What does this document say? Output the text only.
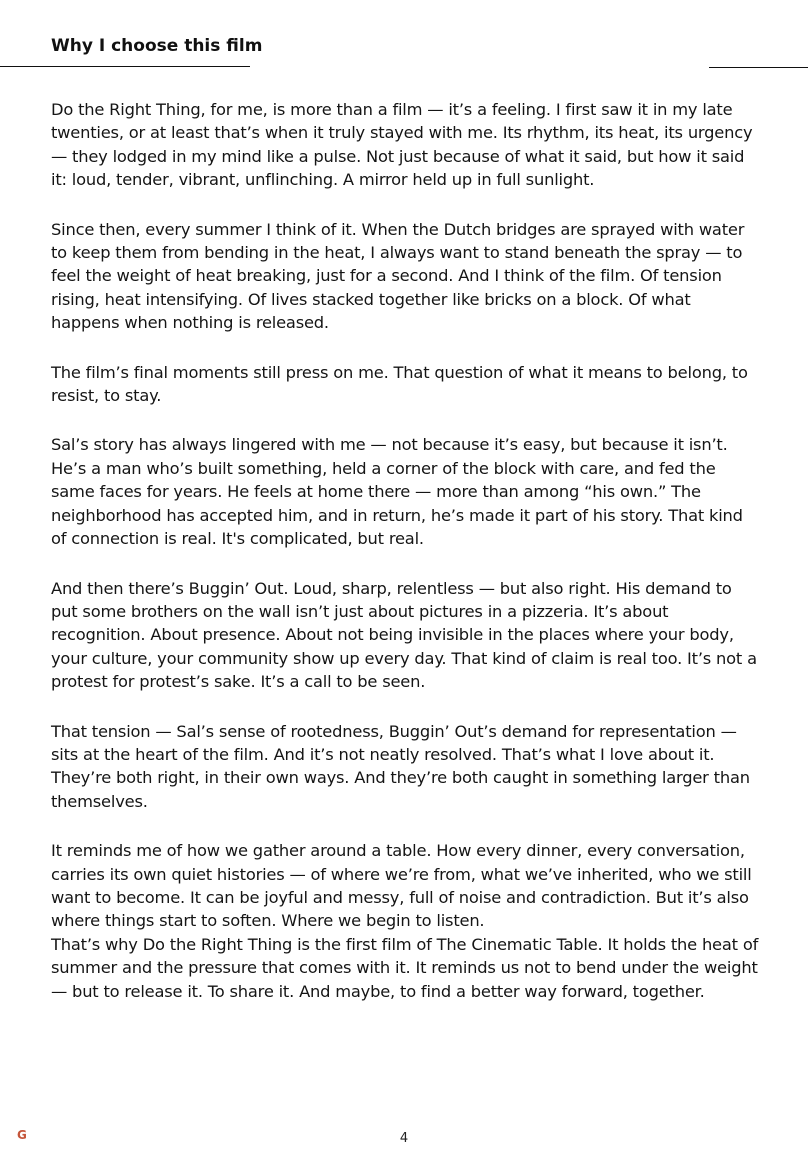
Why I choose this film

Do the Right Thing, for me, is more than a film — it’s a feeling. I first saw it in my late twenties, or at least that’s when it truly stayed with me. Its rhythm, its heat, its urgency — they lodged in my mind like a pulse. Not just because of what it said, but how it said it: loud, tender, vibrant, unflinching. A mirror held up in full sunlight.

Since then, every summer I think of it. When the Dutch bridges are sprayed with water to keep them from bending in the heat, I always want to stand beneath the spray — to feel the weight of heat breaking, just for a second. And I think of the film. Of tension rising, heat intensifying. Of lives stacked together like bricks on a block. Of what happens when nothing is released.

The film’s final moments still press on me. That question of what it means to belong, to resist, to stay.

Sal’s story has always lingered with me — not because it’s easy, but because it isn’t. He’s a man who’s built something, held a corner of the block with care, and fed the same faces for years. He feels at home there — more than among “his own.” The neighborhood has accepted him, and in return, he’s made it part of his story. That kind of connection is real. It's complicated, but real.

And then there’s Buggin’ Out. Loud, sharp, relentless — but also right. His demand to put some brothers on the wall isn’t just about pictures in a pizzeria. It’s about recognition. About presence. About not being invisible in the places where your body, your culture, your community show up every day. That kind of claim is real too. It’s not a protest for protest’s sake. It’s a call to be seen.

That tension — Sal’s sense of rootedness, Buggin’ Out’s demand for representation — sits at the heart of the film. And it’s not neatly resolved. That’s what I love about it. They’re both right, in their own ways. And they’re both caught in something larger than themselves.

It reminds me of how we gather around a table. How every dinner, every conversation, carries its own quiet histories — of where we’re from, what we’ve inherited, who we still want to become. It can be joyful and messy, full of noise and contradiction. But it’s also where things start to soften. Where we begin to listen.

That’s why Do the Right Thing is the first film of The Cinematic Table. It holds the heat of summer and the pressure that comes with it. It reminds us not to bend under the weight — but to release it. To share it. And maybe, to find a better way forward, together.

G	4
